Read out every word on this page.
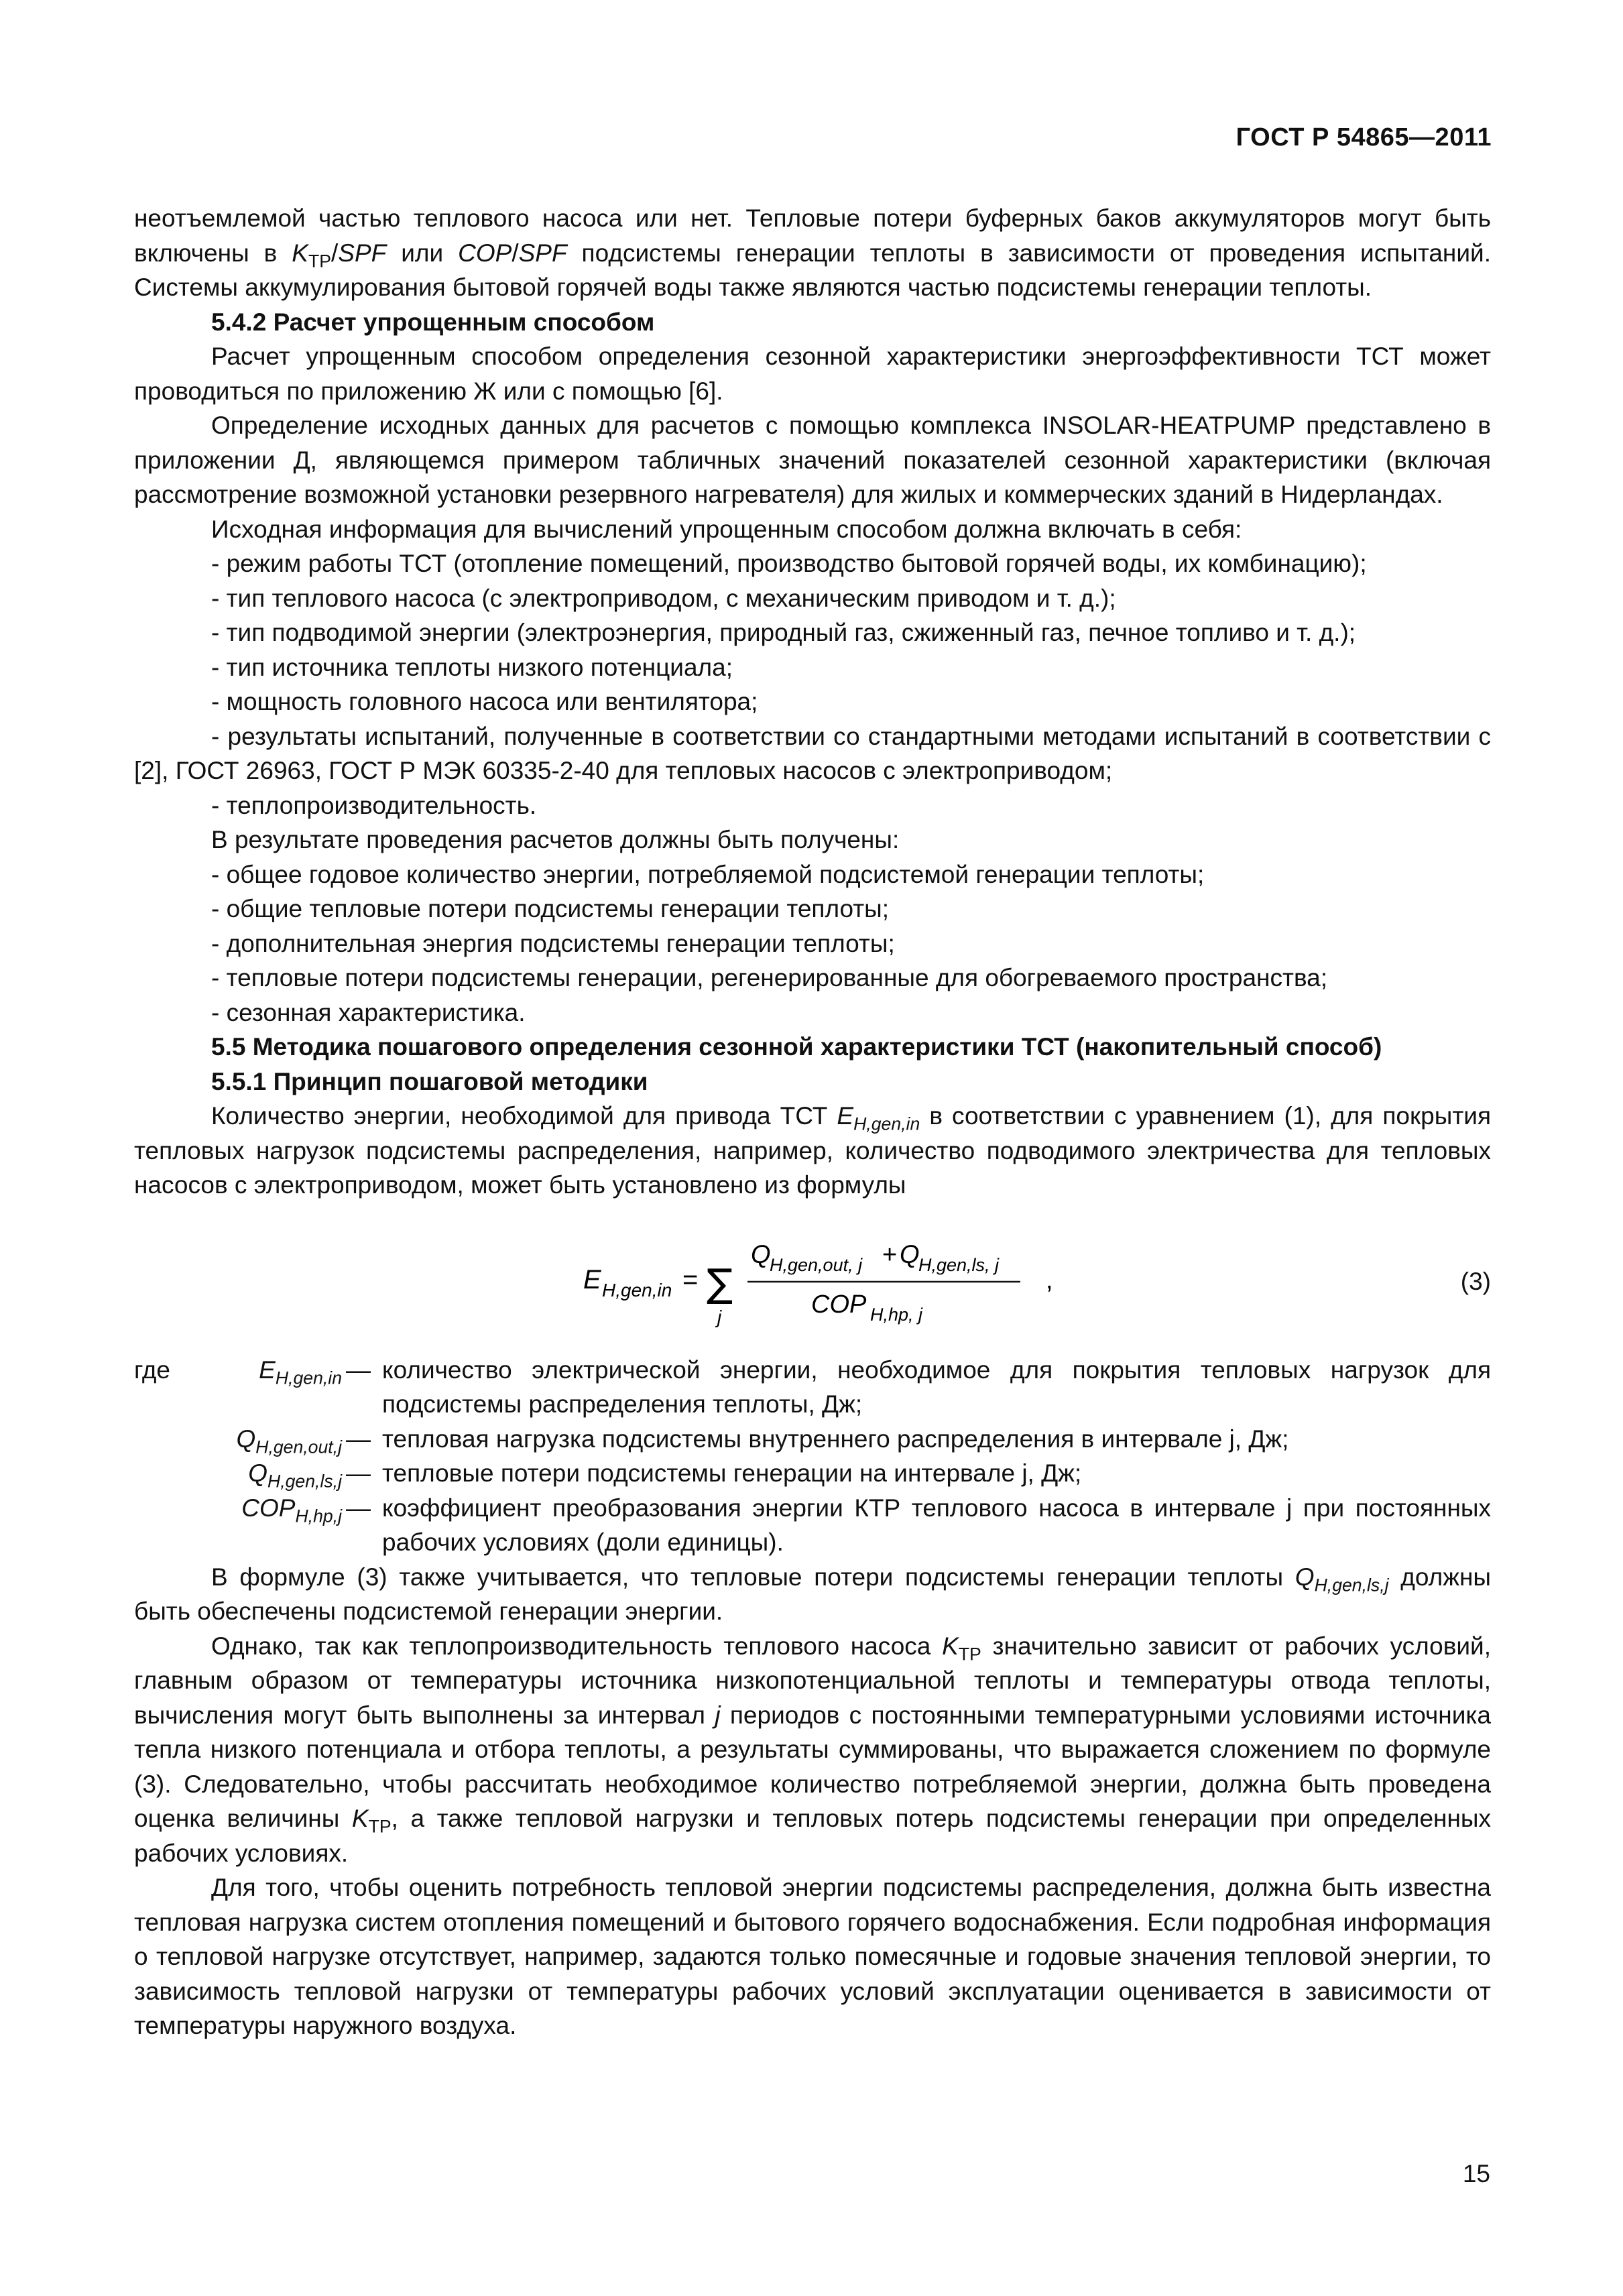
ГОСТ Р 54865—2011

неотъемлемой частью теплового насоса или нет. Тепловые потери буферных баков аккумуляторов могут быть включены в $K_{ТР}$/SPF или COP/SPF подсистемы генерации теплоты в зависимости от проведения испытаний. Системы аккумулирования бытовой горячей воды также являются частью подсистемы генерации теплоты.

5.4.2 Расчет упрощенным способом

Расчет упрощенным способом определения сезонной характеристики энергоэффективности ТСТ может проводиться по приложению Ж или с помощью [6].

Определение исходных данных для расчетов с помощью комплекса INSOLAR-HEATPUMP представлено в приложении Д, являющемся примером табличных значений показателей сезонной характеристики (включая рассмотрение возможной установки резервного нагревателя) для жилых и коммерческих зданий в Нидерландах.

Исходная информация для вычислений упрощенным способом должна включать в себя:

- режим работы ТСТ (отопление помещений, производство бытовой горячей воды, их комбинацию);

- тип теплового насоса (с электроприводом, с механическим приводом и т. д.);

- тип подводимой энергии (электроэнергия, природный газ, сжиженный газ, печное топливо и т. д.);

- тип источника теплоты низкого потенциала;

- мощность головного насоса или вентилятора;

- результаты испытаний, полученные в соответствии со стандартными методами испытаний в соответствии с [2], ГОСТ 26963, ГОСТ Р МЭК 60335-2-40 для тепловых насосов с электроприводом;

- теплопроизводительность.

В результате проведения расчетов должны быть получены:

- общее годовое количество энергии, потребляемой подсистемой генерации теплоты;

- общие тепловые потери подсистемы генерации теплоты;

- дополнительная энергия подсистемы генерации теплоты;

- тепловые потери подсистемы генерации, регенерированные для обогреваемого пространства;

- сезонная характеристика.

5.5 Методика пошагового определения сезонной характеристики ТСТ (накопительный способ)

5.5.1 Принцип пошаговой методики

Количество энергии, необходимой для привода ТСТ $E_{H,gen,in}$ в соответствии с уравнением (1), для покрытия тепловых нагрузок подсистемы распределения, например, количество подводимого электричества для тепловых насосов с электроприводом, может быть установлено из формулы

E H,gen,in = ∑
j
Q
H,gen,out, j + Q
H,gen,ls, j
COP H,hp, j
,	(3)
где	$E_{H,gen,in}$ — количество электрической энергии, необходимое для покрытия тепловых нагрузок для подсистемы распределения теплоты, Дж;
$Q_{H,gen,out,j}$ — тепловая нагрузка подсистемы внутреннего распределения в интервале j, Дж;
$Q_{H,gen,ls,j}$ — тепловые потери подсистемы генерации на интервале j, Дж;
$COP_{H,hp,j}$ — коэффициент преобразования энергии КТР теплового насоса в интервале j при постоянных рабочих условиях (доли единицы).

В формуле (3) также учитывается, что тепловые потери подсистемы генерации теплоты $Q_{H,gen,ls,j}$ должны быть обеспечены подсистемой генерации энергии.

Однако, так как теплопроизводительность теплового насоса $K_{ТР}$ значительно зависит от рабочих условий, главным образом от температуры источника низкопотенциальной теплоты и температуры отвода теплоты, вычисления могут быть выполнены за интервал j периодов с постоянными температурными условиями источника тепла низкого потенциала и отбора теплоты, а результаты суммированы, что выражается сложением по формуле (3). Следовательно, чтобы рассчитать необходимое количество потребляемой энергии, должна быть проведена оценка величины $K_{ТР}$, а также тепловой нагрузки и тепловых потерь подсистемы генерации при определенных рабочих условиях.

Для того, чтобы оценить потребность тепловой энергии подсистемы распределения, должна быть известна тепловая нагрузка систем отопления помещений и бытового горячего водоснабжения. Если подробная информация о тепловой нагрузке отсутствует, например, задаются только помесячные и годовые значения тепловой энергии, то зависимость тепловой нагрузки от температуры рабочих условий эксплуатации оценивается в зависимости от температуры наружного воздуха.

15
